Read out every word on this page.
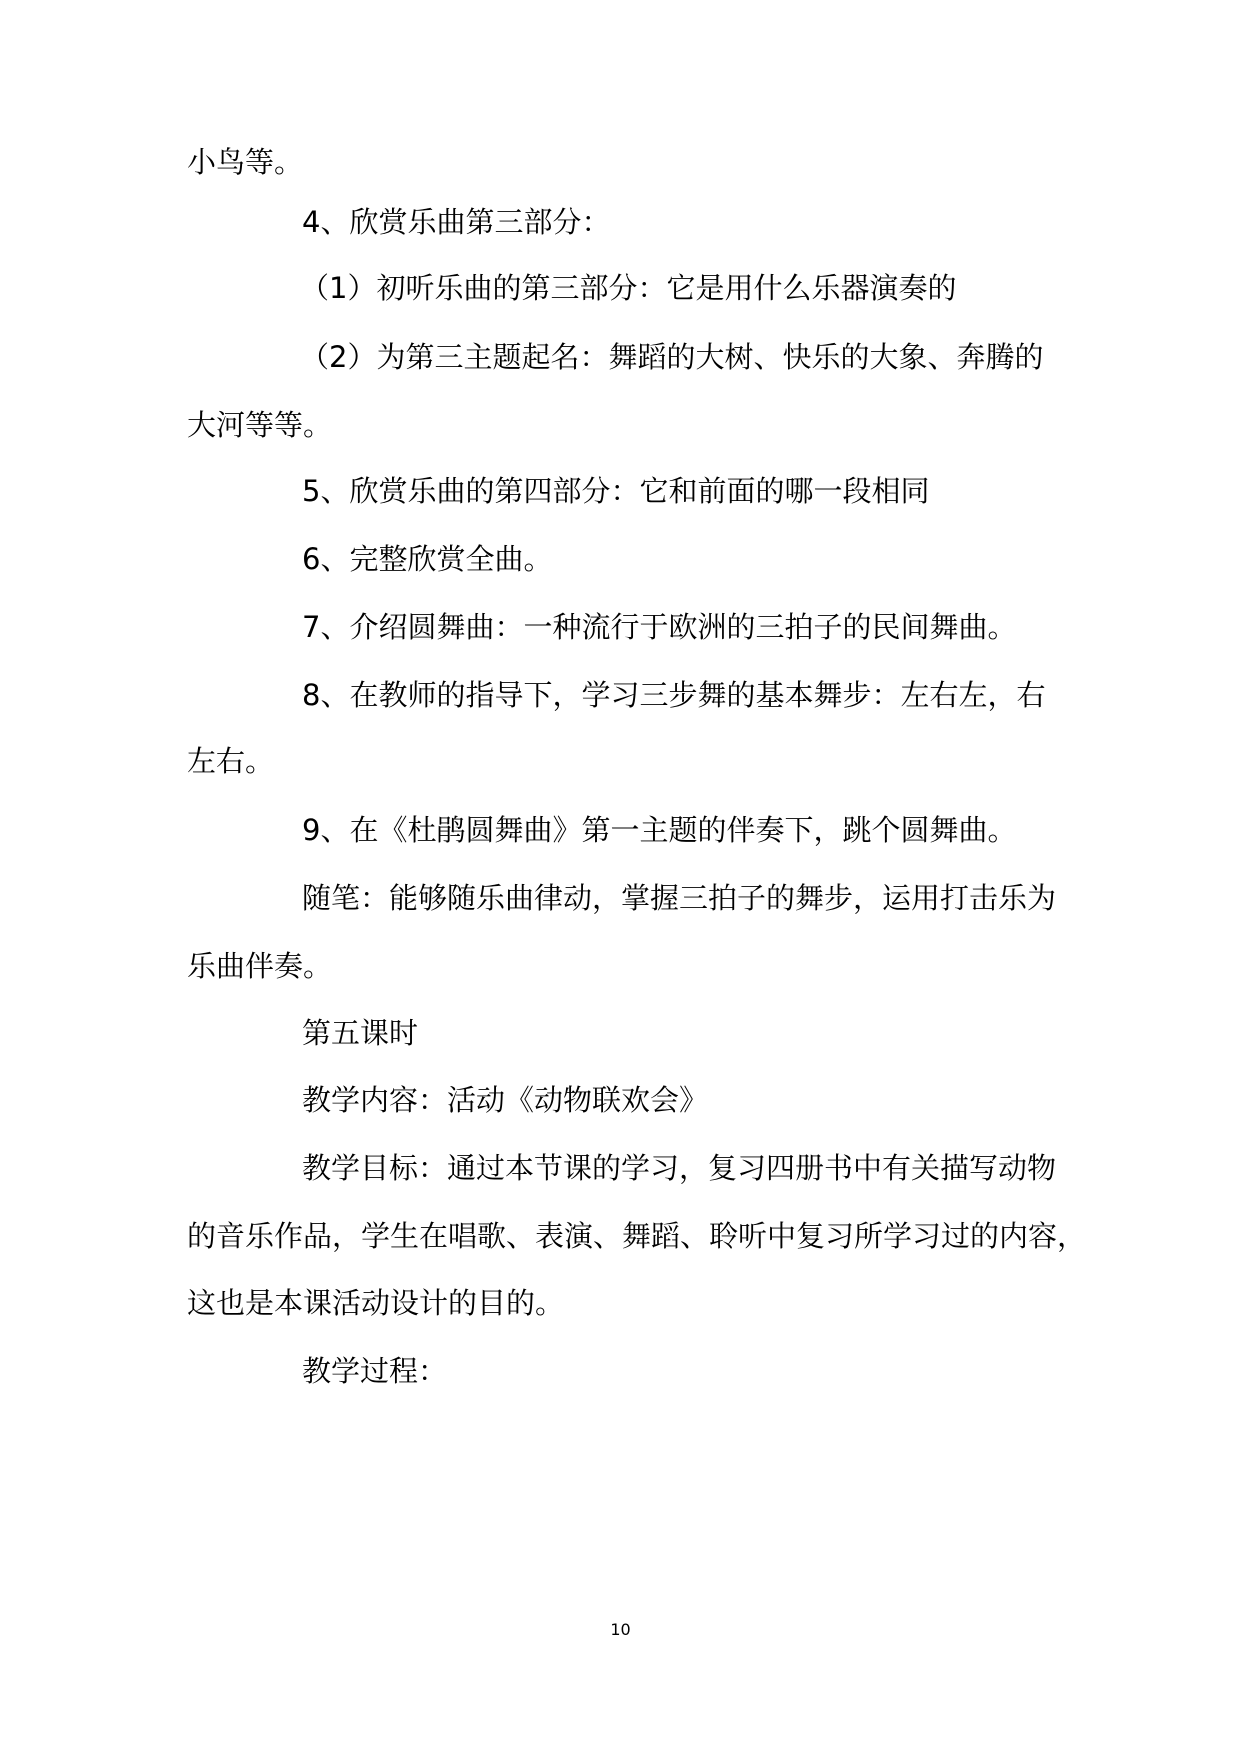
小鸟等。

4、欣赏乐曲第三部分：

（1）初听乐曲的第三部分：它是用什么乐器演奏的

（2）为第三主题起名：舞蹈的大树、快乐的大象、奔腾的

大河等等。

5、欣赏乐曲的第四部分：它和前面的哪一段相同

6、完整欣赏全曲。

7、介绍圆舞曲：一种流行于欧洲的三拍子的民间舞曲。

8、在教师的指导下，学习三步舞的基本舞步：左右左，右

左右。

9、在《杜鹃圆舞曲》第一主题的伴奏下，跳个圆舞曲。

随笔：能够随乐曲律动，掌握三拍子的舞步，运用打击乐为

乐曲伴奏。

第五课时

教学内容：活动《动物联欢会》

教学目标：通过本节课的学习，复习四册书中有关描写动物

的音乐作品，学生在唱歌、表演、舞蹈、聆听中复习所学习过的内容，

这也是本课活动设计的目的。

教学过程：

10
